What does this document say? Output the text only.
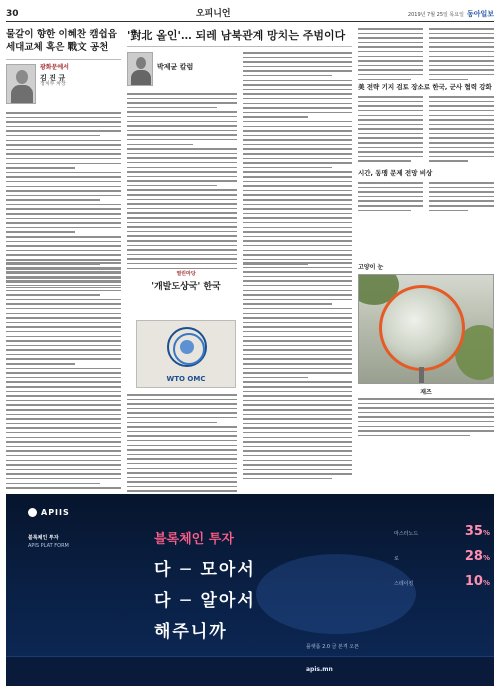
30	오피니언	2019년 7월 25일 목요일 동아일보
물갈이 향한 이혜찬 캠쉽읍 세대교체 혹은 戰文 공천
광화문에서
김 진 규
정치부 차장
'對北 올인'… 되레 남북관계 망치는 주범이다
박제균 칼럼
美 전략 기지 검토 장소로 한국, 군사 협력 강화
시간, 동맹 문제 전망 비상
열린마당
'개발도상국' 한국
WTO OMC
고양이 눈
재즈
APIIS
블록체인 투자
APIS PLAT FORM	블록체인 투자
다 ─ 모아서
다 ─ 알아서
해주니까
마스터노드	35%
로	28%
스테이킹	10%
플랫폼 2.0 금 본격 오픈
apis.mn
